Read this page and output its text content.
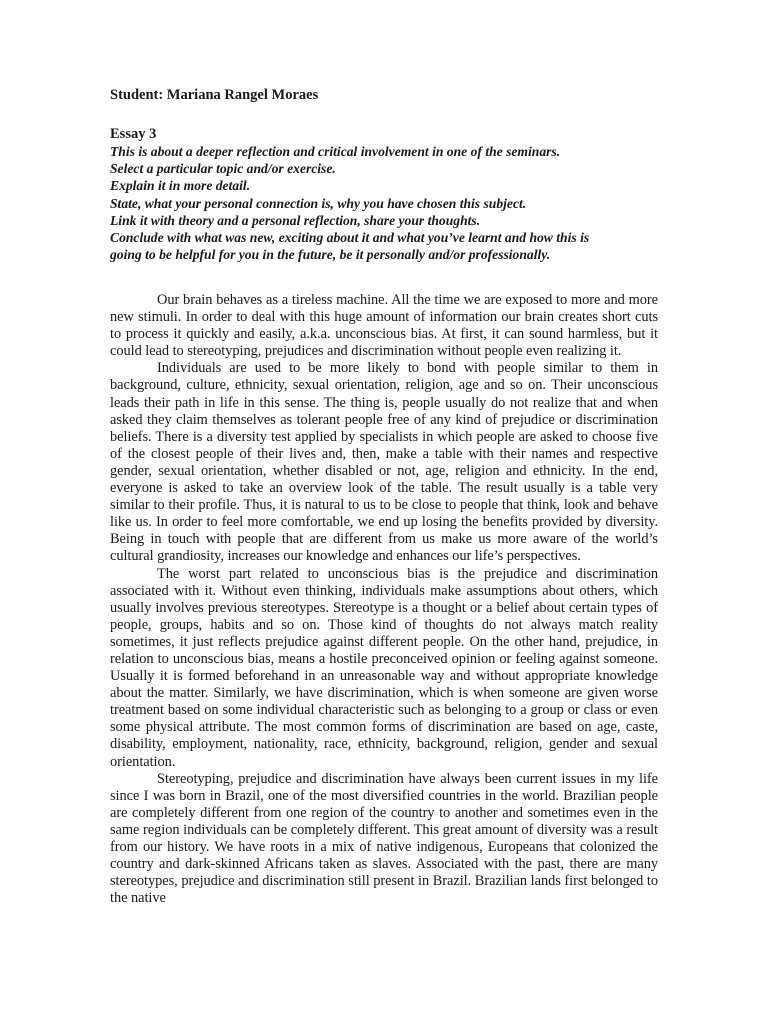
Student: Mariana Rangel Moraes

Essay 3

This is about a deeper reflection and critical involvement in one of the seminars.

Select a particular topic and/or exercise.

Explain it in more detail.

State, what your personal connection is, why you have chosen this subject.

Link it with theory and a personal reflection, share your thoughts.

Conclude with what was new, exciting about it and what you’ve learnt and how this is

going to be helpful for you in the future, be it personally and/or professionally.

Our brain behaves as a tireless machine. All the time we are exposed to more and more new stimuli. In order to deal with this huge amount of information our brain creates short cuts to process it quickly and easily, a.k.a. unconscious bias. At first, it can sound harmless, but it could lead to stereotyping, prejudices and discrimination without people even realizing it.

Individuals are used to be more likely to bond with people similar to them in background, culture, ethnicity, sexual orientation, religion, age and so on. Their unconscious leads their path in life in this sense. The thing is, people usually do not realize that and when asked they claim themselves as tolerant people free of any kind of prejudice or discrimination beliefs. There is a diversity test applied by specialists in which people are asked to choose five of the closest people of their lives and, then, make a table with their names and respective gender, sexual orientation, whether disabled or not, age, religion and ethnicity. In the end, everyone is asked to take an overview look of the table. The result usually is a table very similar to their profile. Thus, it is natural to us to be close to people that think, look and behave like us. In order to feel more comfortable, we end up losing the benefits provided by diversity. Being in touch with people that are different from us make us more aware of the world’s cultural grandiosity, increases our knowledge and enhances our life’s perspectives.

The worst part related to unconscious bias is the prejudice and discrimination associated with it. Without even thinking, individuals make assumptions about others, which usually involves previous stereotypes. Stereotype is a thought or a belief about certain types of people, groups, habits and so on. Those kind of thoughts do not always match reality sometimes, it just reflects prejudice against different people. On the other hand, prejudice, in relation to unconscious bias, means a hostile preconceived opinion or feeling against someone. Usually it is formed beforehand in an unreasonable way and without appropriate knowledge about the matter. Similarly, we have discrimination, which is when someone are given worse treatment based on some individual characteristic such as belonging to a group or class or even some physical attribute. The most common forms of discrimination are based on age, caste, disability, employment, nationality, race, ethnicity, background, religion, gender and sexual orientation.

Stereotyping, prejudice and discrimination have always been current issues in my life since I was born in Brazil, one of the most diversified countries in the world. Brazilian people are completely different from one region of the country to another and sometimes even in the same region individuals can be completely different. This great amount of diversity was a result from our history. We have roots in a mix of native indigenous, Europeans that colonized the country and dark-skinned Africans taken as slaves. Associated with the past, there are many stereotypes, prejudice and discrimination still present in Brazil. Brazilian lands first belonged to the native
